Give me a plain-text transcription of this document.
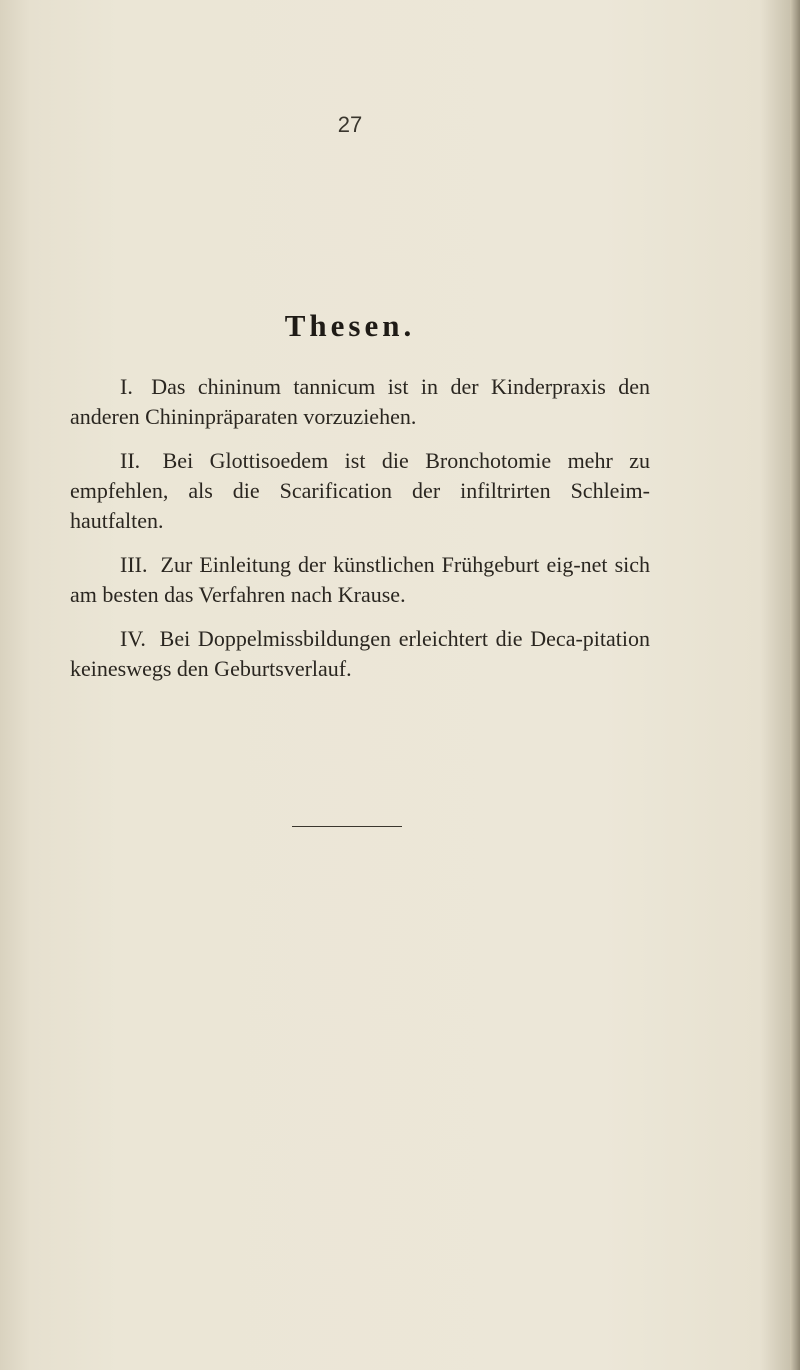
27
Thesen.

I. Das chininum tannicum ist in der Kinderpraxis den anderen Chininpräparaten vorzuziehen.

II. Bei Glottisoedem ist die Bronchotomie mehr zu empfehlen, als die Scarification der infiltrirten Schleim-hautfalten.

III. Zur Einleitung der künstlichen Frühgeburt eig-net sich am besten das Verfahren nach Krause.

IV. Bei Doppelmissbildungen erleichtert die Deca-pitation keineswegs den Geburtsverlauf.
